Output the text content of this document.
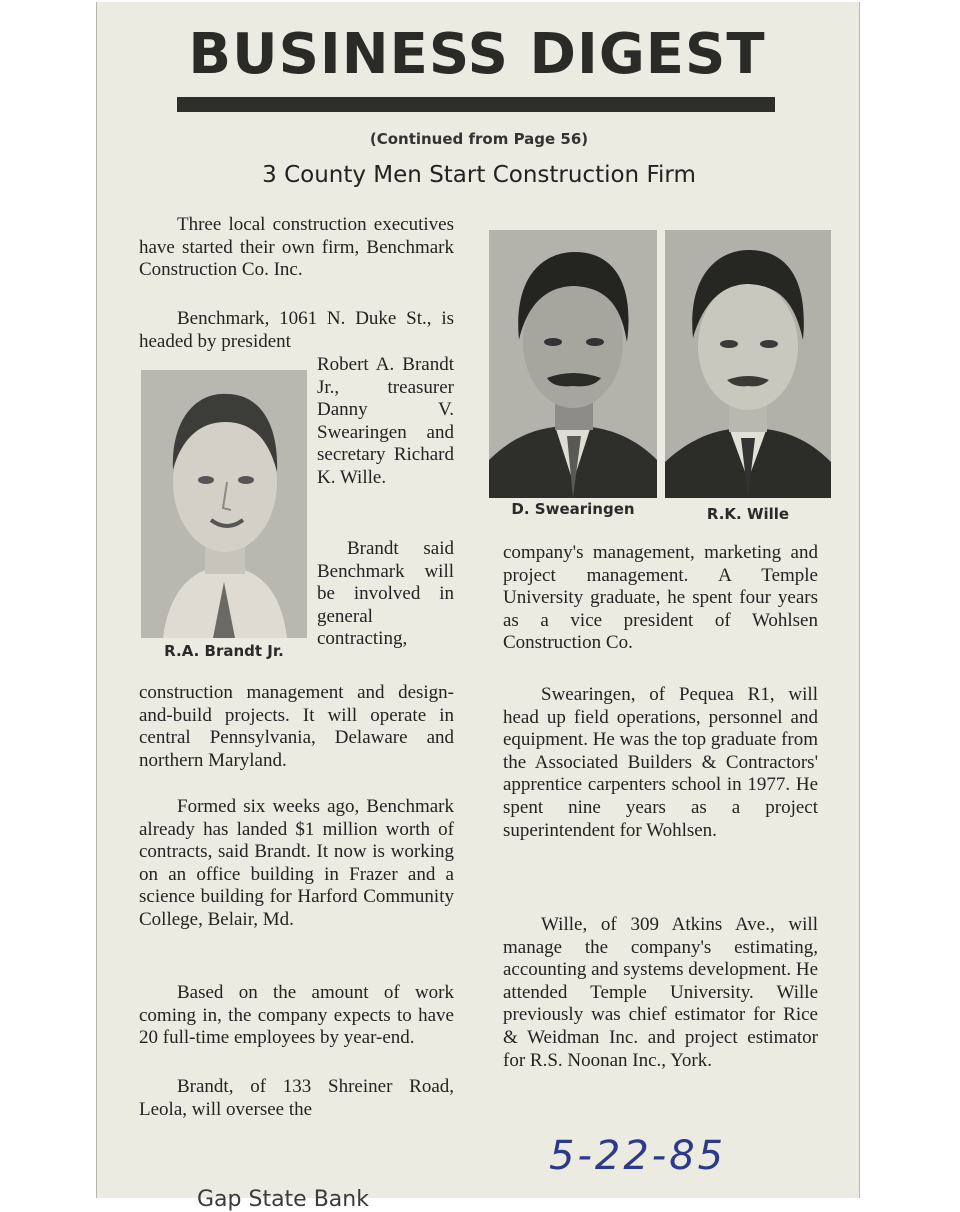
BUSINESS DIGEST
(Continued from Page 56)
3 County Men Start Construction Firm

Three local construction executives have started their own firm, Benchmark Construction Co. Inc.

Benchmark, 1061 N. Duke St., is headed by president

Robert A. Brandt Jr., treasurer Danny V. Swearingen and secretary Richard K. Wille.

R.A. Brandt Jr.

Brandt said Benchmark will be involved in general contracting,

construction management and design-and-build projects. It will operate in central Pennsylvania, Delaware and northern Maryland.

Formed six weeks ago, Benchmark already has landed $1 million worth of contracts, said Brandt. It now is working on an office building in Frazer and a science building for Harford Community College, Belair, Md.

Based on the amount of work coming in, the company expects to have 20 full-time employees by year-end.

Brandt, of 133 Shreiner Road, Leola, will oversee the

D. Swearingen	R.K. Wille

company's management, marketing and project management. A Temple University graduate, he spent four years as a vice president of Wohlsen Construction Co.

Swearingen, of Pequea R1, will head up field operations, personnel and equipment. He was the top graduate from the Associated Builders & Contractors' apprentice carpenters school in 1977. He spent nine years as a project superintendent for Wohlsen.

Wille, of 309 Atkins Ave., will manage the company's estimating, accounting and systems development. He attended Temple University. Wille previously was chief estimator for Rice & Weidman Inc. and project estimator for R.S. Noonan Inc., York.

5-22-85
Gap State Bank
